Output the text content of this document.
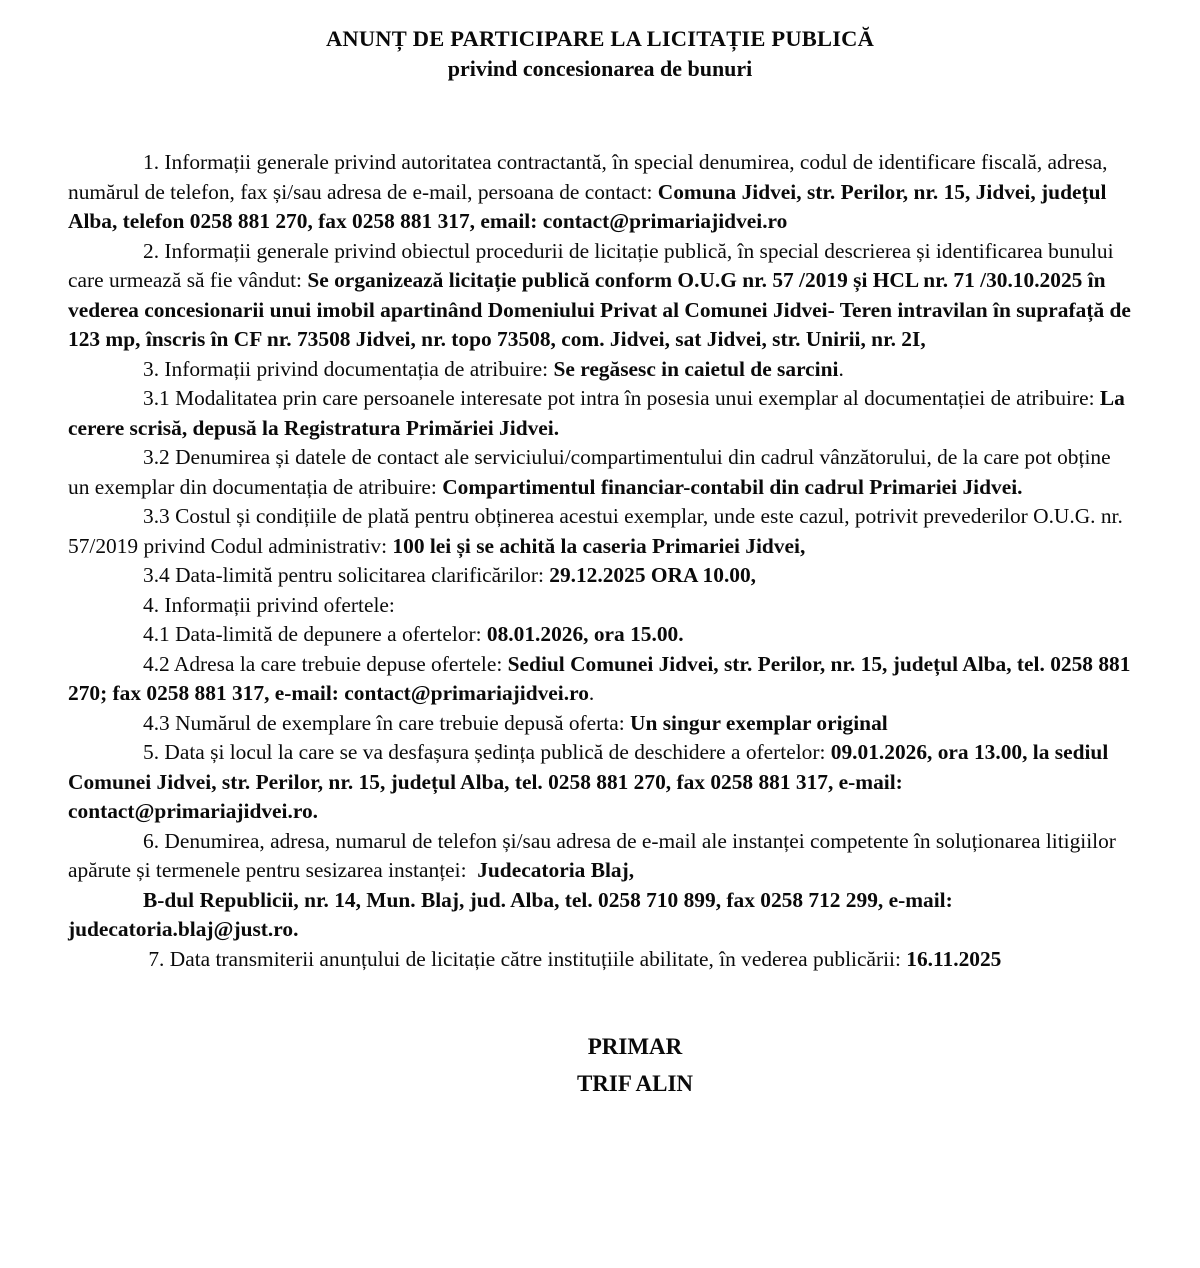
ANUNȚ DE PARTICIPARE LA LICITAȚIE PUBLICĂ
privind concesionarea de bunuri

1. Informații generale privind autoritatea contractantă, în special denumirea, codul de identificare fiscală, adresa, numărul de telefon, fax și/sau adresa de e-mail, persoana de contact: Comuna Jidvei, str. Perilor, nr. 15, Jidvei, județul Alba, telefon 0258 881 270, fax 0258 881 317, email: contact@primariajidvei.ro

2. Informații generale privind obiectul procedurii de licitație publică, în special descrierea și identificarea bunului care urmează să fie vândut: Se organizează licitație publică conform O.U.G nr. 57 /2019 și HCL nr. 71 /30.10.2025 în vederea concesionarii unui imobil apartinând Domeniului Privat al Comunei Jidvei- Teren intravilan în suprafață de 123 mp, înscris în CF nr. 73508 Jidvei, nr. topo 73508, com. Jidvei, sat Jidvei, str. Unirii, nr. 2I,

3. Informații privind documentația de atribuire: Se regăsesc in caietul de sarcini.

3.1 Modalitatea prin care persoanele interesate pot intra în posesia unui exemplar al documentației de atribuire: La cerere scrisă, depusă la Registratura Primăriei Jidvei.

3.2 Denumirea și datele de contact ale serviciului/compartimentului din cadrul vânzătorului, de la care pot obține un exemplar din documentația de atribuire: Compartimentul financiar-contabil din cadrul Primariei Jidvei.

3.3 Costul și condițiile de plată pentru obținerea acestui exemplar, unde este cazul, potrivit prevederilor O.U.G. nr. 57/2019 privind Codul administrativ: 100 lei și se achită la caseria Primariei Jidvei,

3.4 Data-limită pentru solicitarea clarificărilor: 29.12.2025 ORA 10.00,

4. Informații privind ofertele:

4.1 Data-limită de depunere a ofertelor: 08.01.2026, ora 15.00.

4.2 Adresa la care trebuie depuse ofertele: Sediul Comunei Jidvei, str. Perilor, nr. 15, județul Alba, tel. 0258 881 270; fax 0258 881 317, e-mail: contact@primariajidvei.ro.

4.3 Numărul de exemplare în care trebuie depusă oferta: Un singur exemplar original

5. Data și locul la care se va desfașura ședința publică de deschidere a ofertelor: 09.01.2026, ora 13.00, la sediul Comunei Jidvei, str. Perilor, nr. 15, județul Alba, tel. 0258 881 270, fax 0258 881 317, e-mail: contact@primariajidvei.ro.

6. Denumirea, adresa, numarul de telefon și/sau adresa de e-mail ale instanței competente în soluționarea litigiilor apărute și termenele pentru sesizarea instanței:  Judecatoria Blaj,

B-dul Republicii, nr. 14, Mun. Blaj, jud. Alba, tel. 0258 710 899, fax 0258 712 299, e-mail: judecatoria.blaj@just.ro.

7. Data transmiterii anunțului de licitație către instituțiile abilitate, în vederea publicării: 16.11.2025

PRIMAR
TRIF ALIN
